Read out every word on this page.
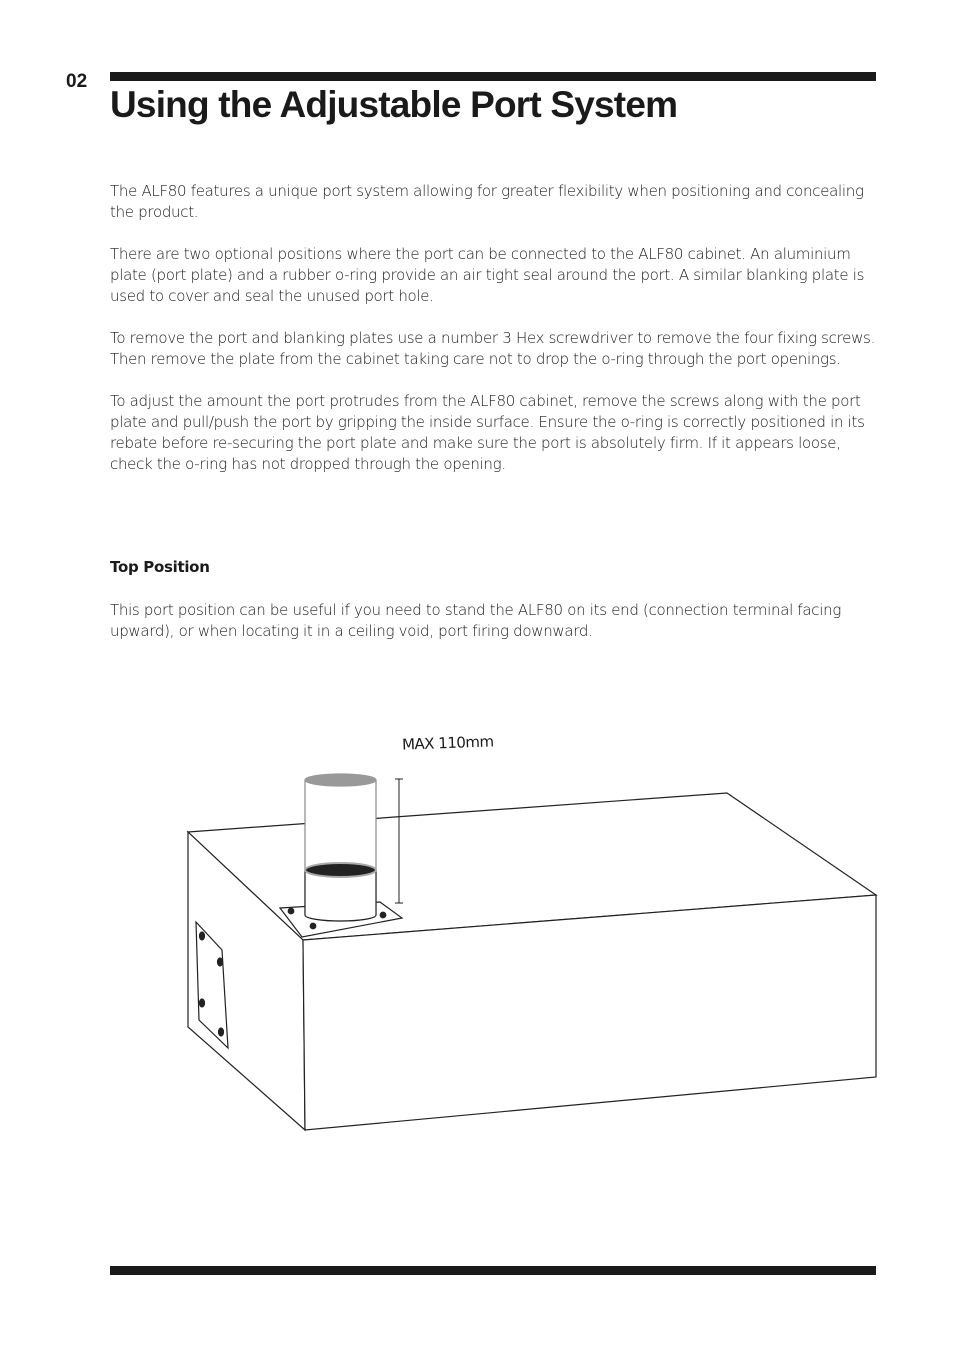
02
Using the Adjustable Port System

The ALF80 features a unique port system allowing for greater flexibility when positioning and concealing the product.

There are two optional positions where the port can be connected to the ALF80 cabinet. An aluminium plate (port plate) and a rubber o-ring provide an air tight seal around the port. A similar blanking plate is used to cover and seal the unused port hole.

To remove the port and blanking plates use a number 3 Hex screwdriver to remove the four fixing screws. Then remove the plate from the cabinet taking care not to drop the o-ring through the port openings.

To adjust the amount the port protrudes from the ALF80 cabinet, remove the screws along with the port plate and pull/push the port by gripping the inside surface. Ensure the o-ring is correctly positioned in its rebate before re-securing the port plate and make sure the port is absolutely firm. If it appears loose, check the o-ring has not dropped through the opening.

Top Position

This port position can be useful if you need to stand the ALF80 on its end (connection terminal facing upward), or when locating it in a ceiling void, port firing downward.

MAX 110mm
